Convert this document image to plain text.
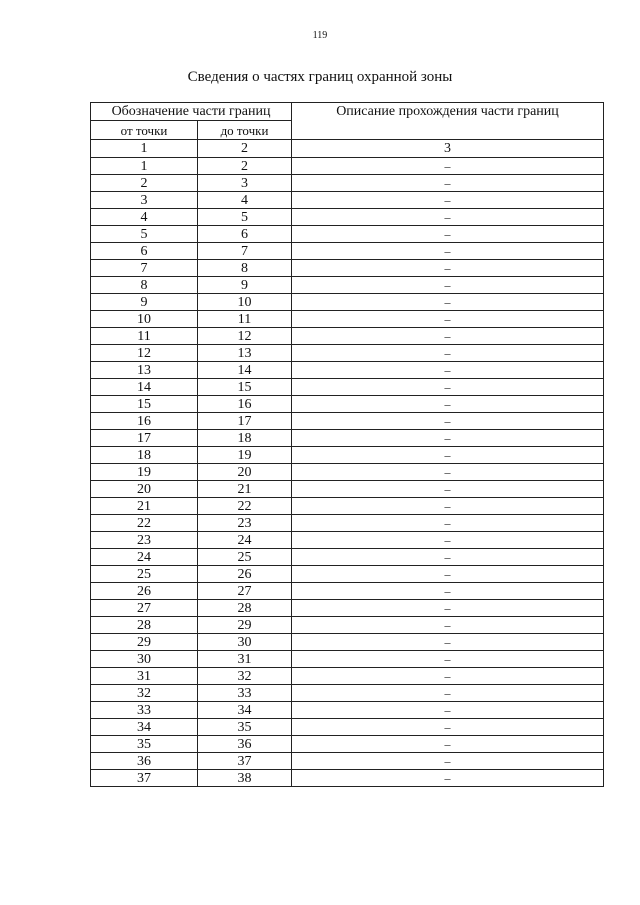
119
Сведения о частях границ охранной зоны
Обозначение части границ		Описание прохождения части границ
от точки	до точки	
1	2	3
1	2	–
2	3	–
3	4	–
4	5	–
5	6	–
6	7	–
7	8	–
8	9	–
9	10	–
10	11	–
11	12	–
12	13	–
13	14	–
14	15	–
15	16	–
16	17	–
17	18	–
18	19	–
19	20	–
20	21	–
21	22	–
22	23	–
23	24	–
24	25	–
25	26	–
26	27	–
27	28	–
28	29	–
29	30	–
30	31	–
31	32	–
32	33	–
33	34	–
34	35	–
35	36	–
36	37	–
37	38	–
